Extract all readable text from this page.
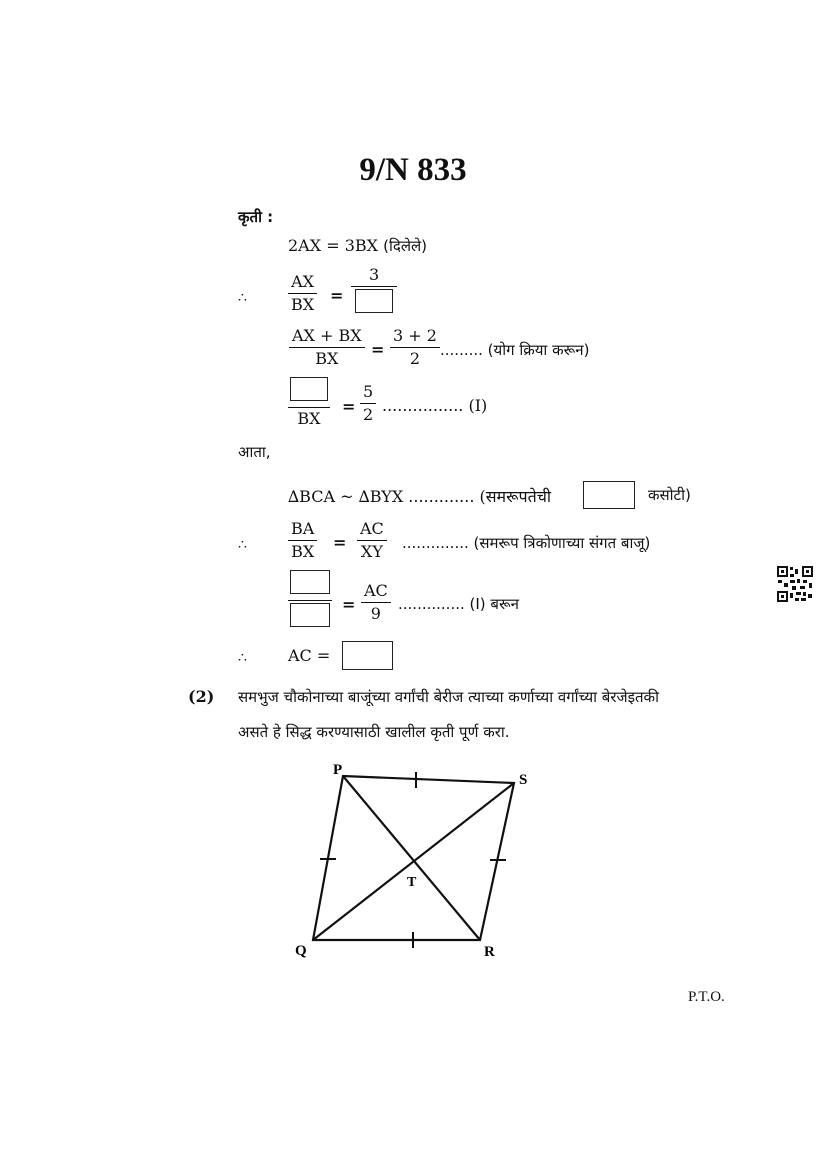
9/N 833
कृती :
2AX = 3BX (दिलेले)
∴	$\frac{AX}{BX}$ =
3
$\frac{AX + BX}{BX} = \frac{3 + 2}{2}$ ......... (योग क्रिया करून)
BX
= $\frac{5}{2}$ ................ (I)
आता,
∆BCA ~ ∆BYX ............. (समरूपतेची	कसोटी)
∴	$\frac{BA}{BX} = \frac{AC}{XY}$ .............. (समरूप त्रिकोणाच्या संगत बाजू)
= $\frac{AC}{9}$ .............. (I) बरून
∴	AC =
(2) समभुज चौकोनाच्या बाजूंच्या वर्गांची बेरीज त्याच्या कर्णाच्या वर्गांच्या बेरजेइतकी
असते हे सिद्ध करण्यासाठी खालील कृती पूर्ण करा.
P
S
Q	R
T
P.T.O.
